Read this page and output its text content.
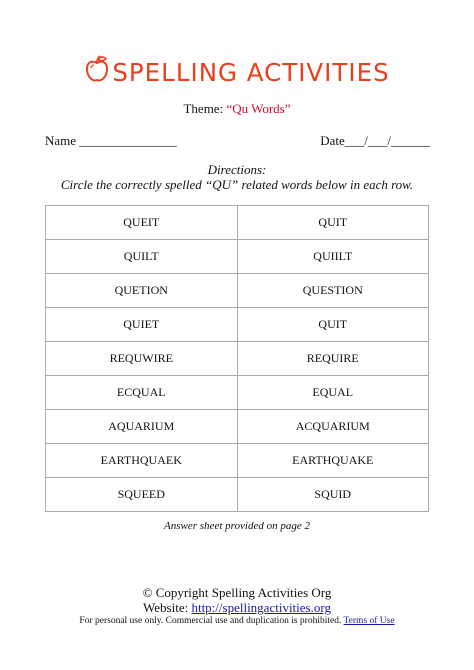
SPELLING ACTIVITIES
Theme: “Qu Words”
Name _______________	Date___/___/______
Directions:
Circle the correctly spelled “QU” related words below in each row.
QUEIT	QUIT
QUILT	QUIILT
QUETION	QUESTION
QUIET	QUIT
REQUWIRE	REQUIRE
ECQUAL	EQUAL
AQUARIUM	ACQUARIUM
EARTHQUAEK	EARTHQUAKE
SQUEED	SQUID
Answer sheet provided on page 2
© Copyright Spelling Activities Org
Website: http://spellingactivities.org
For personal use only. Commercial use and duplication is prohibited. Terms of Use
